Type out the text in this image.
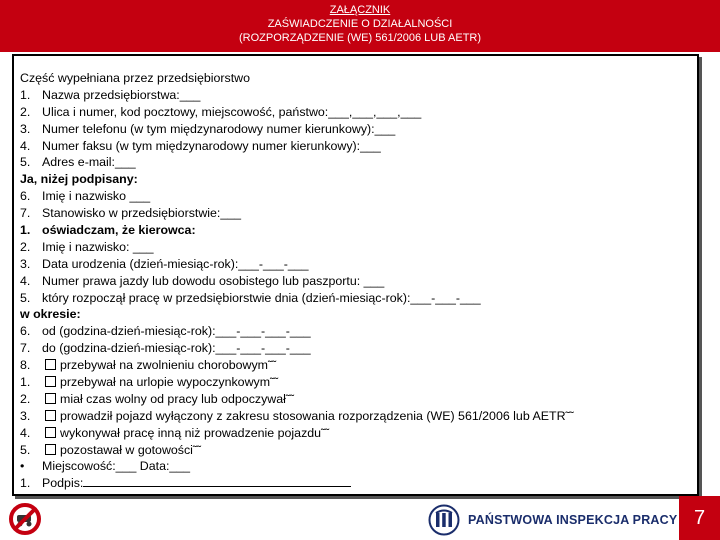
ZAŁĄCZNIK
ZAŚWIADCZENIE O DZIAŁALNOŚCI
(ROZPORZĄDZENIE (WE) 561/2006 LUB AETR)
Część wypełniana przez przedsiębiorstwo
1. Nazwa przedsiębiorstwa:___
2. Ulica i numer, kod pocztowy, miejscowość, państwo:___,___,___,___
3. Numer telefonu (w tym międzynarodowy numer kierunkowy):___
4. Numer faksu (w tym międzynarodowy numer kierunkowy):___
5. Adres e-mail:___
Ja, niżej podpisany:
6. Imię i nazwisko ___
7. Stanowisko w przedsiębiorstwie:___
1. oświadczam, że kierowca:
2. Imię i nazwisko: ___
3. Data urodzenia (dzień-miesiąc-rok):___-___-___
4. Numer prawa jazdy lub dowodu osobistego lub paszportu: ___
5. który rozpoczął pracę w przedsiębiorstwie dnia (dzień-miesiąc-rok):___-___-___
w okresie:
6. od (godzina-dzień-miesiąc-rok):___-___-___-___
7. do (godzina-dzień-miesiąc-rok):___-___-___-___
8. przebywał na zwolnieniu chorobowym˜˜
1. przebywał na urlopie wypoczynkowym˜˜
2. miał czas wolny od pracy lub odpoczywał˜˜
3. prowadził pojazd wyłączony z zakresu stosowania rozporządzenia (WE) 561/2006 lub AETR˜˜
4. wykonywał pracę inną niż prowadzenie pojazdu˜˜
5. pozostawał w gotowości˜˜
• Miejscowość:___ Data:___
1. Podpis:
PAŃSTWOWA INSPEKCJA PRACY 7
